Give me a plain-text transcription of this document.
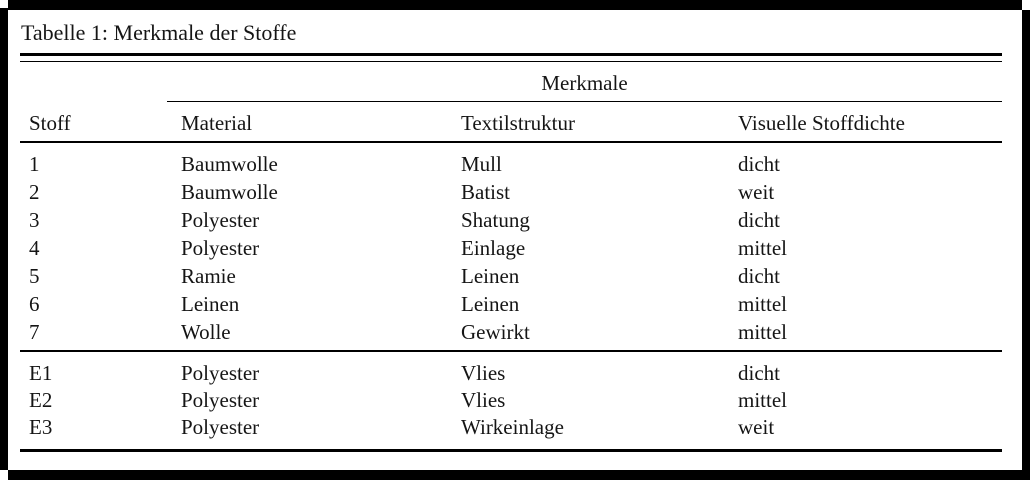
Tabelle 1: Merkmale der Stoffe
Merkmale
Stoff	Material	Textilstruktur	Visuelle Stoffdichte
1	Baumwolle	Mull	dicht
2	Baumwolle	Batist	weit
3	Polyester	Shatung	dicht
4	Polyester	Einlage	mittel
5	Ramie	Leinen	dicht
6	Leinen	Leinen	mittel
7	Wolle	Gewirkt	mittel
E1	Polyester	Vlies	dicht
E2	Polyester	Vlies	mittel
E3	Polyester	Wirkeinlage	weit
